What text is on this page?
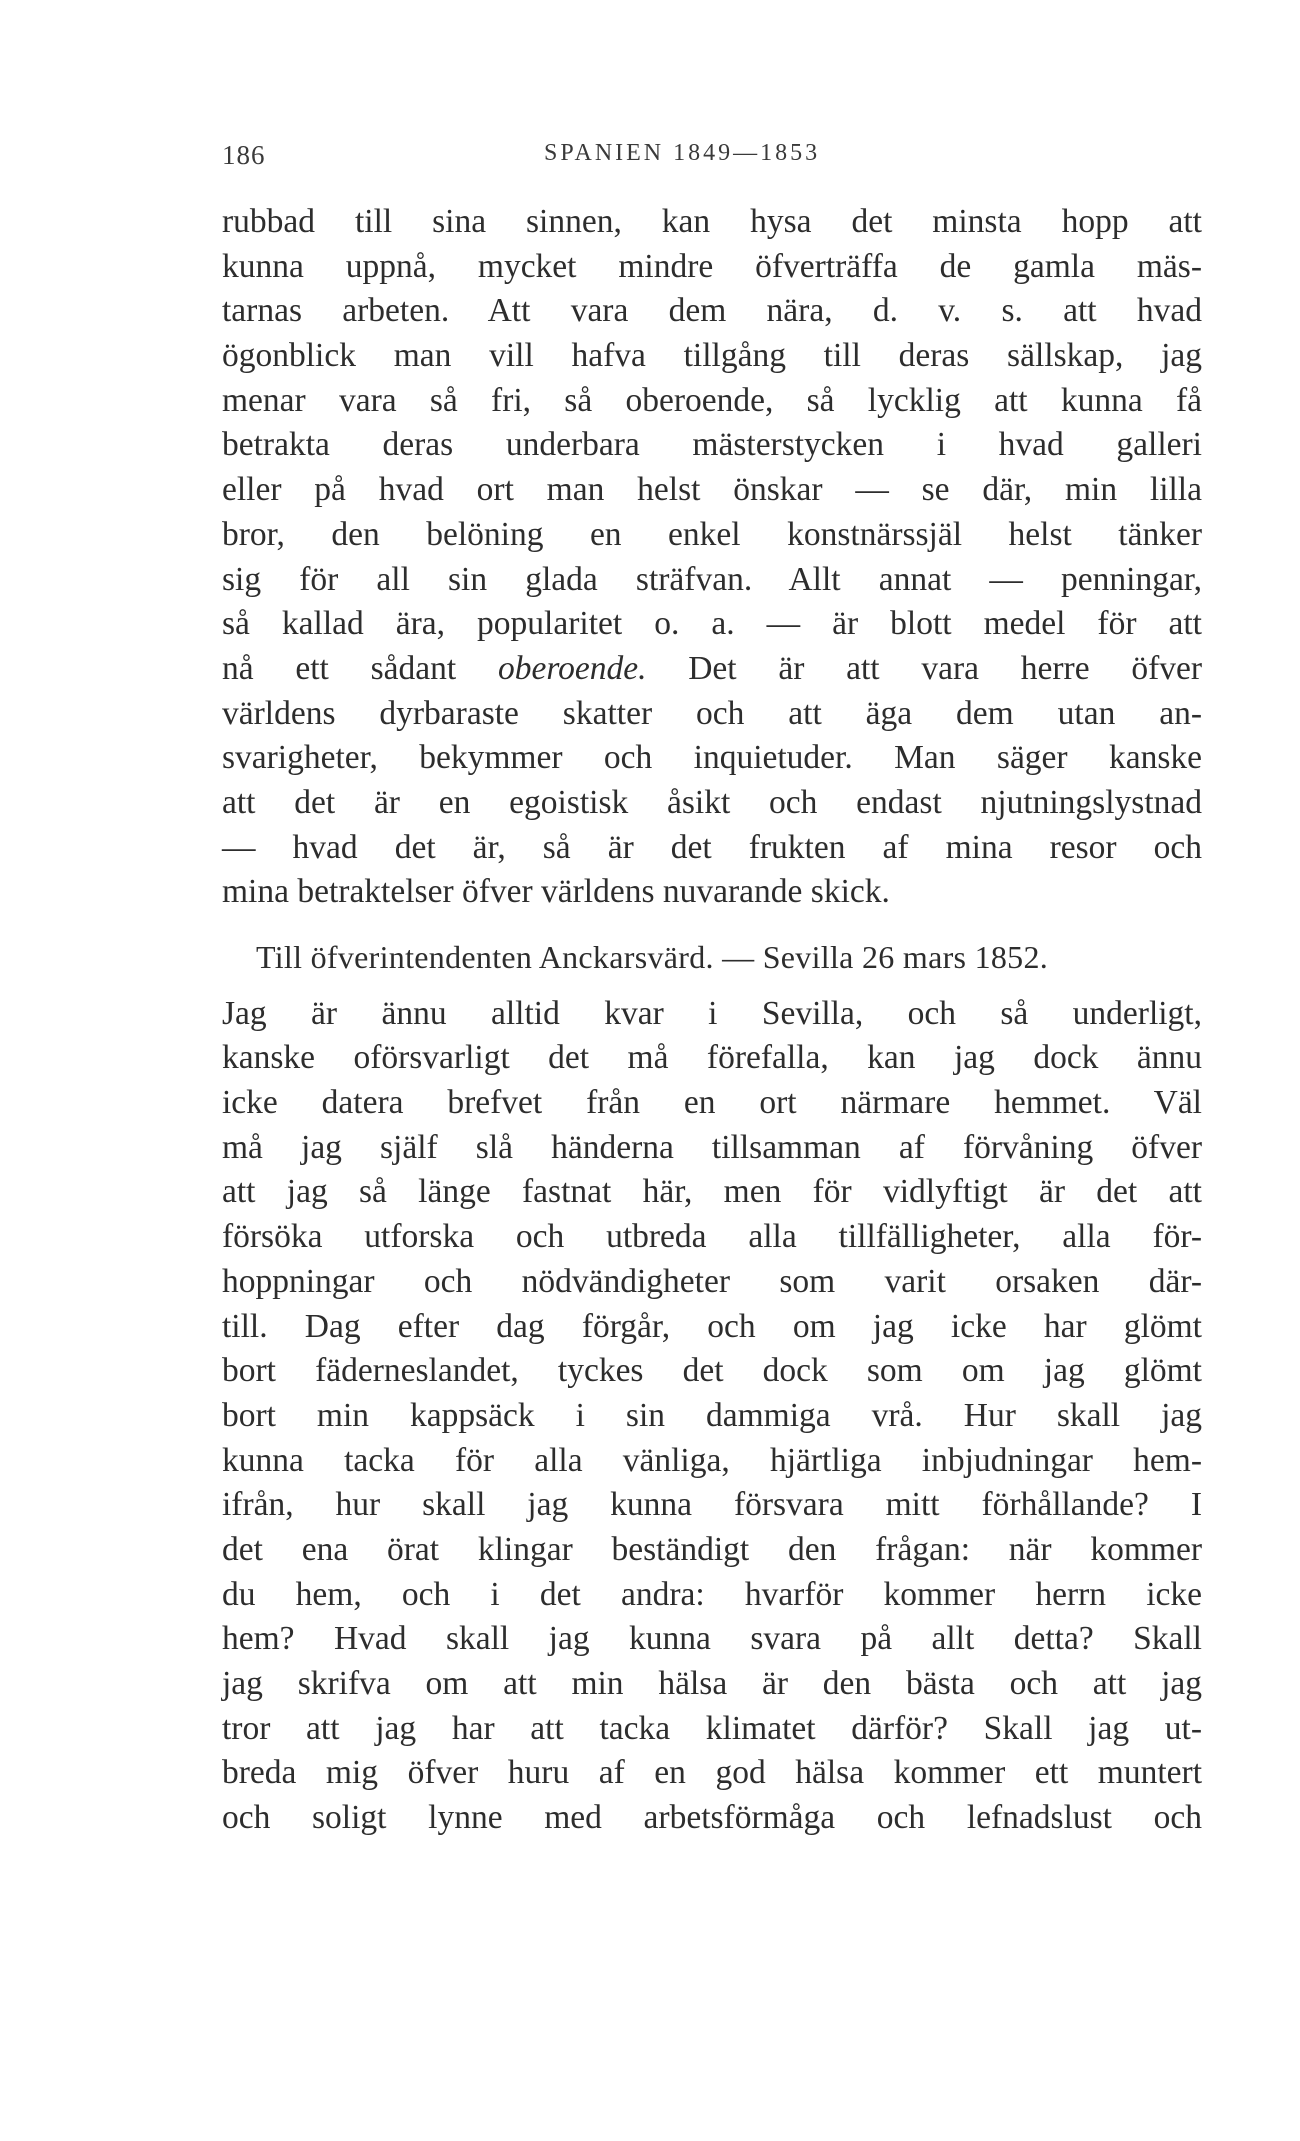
186	SPANIEN 1849—1853
rubbad till sina sinnen, kan hysa det minsta hopp att
kunna uppnå, mycket mindre öfverträffa de gamla mäs-
tarnas arbeten. Att vara dem nära, d. v. s. att hvad
ögonblick man vill hafva tillgång till deras sällskap, jag
menar vara så fri, så oberoende, så lycklig att kunna få
betrakta deras underbara mästerstycken i hvad galleri
eller på hvad ort man helst önskar — se där, min lilla
bror, den belöning en enkel konstnärssjäl helst tänker
sig för all sin glada sträfvan. Allt annat — penningar,
så kallad ära, popularitet o. a. — är blott medel för att
nå ett sådant oberoende. Det är att vara herre öfver
världens dyrbaraste skatter och att äga dem utan an-
svarigheter, bekymmer och inquietuder. Man säger kanske
att det är en egoistisk åsikt och endast njutningslystnad
— hvad det är, så är det frukten af mina resor och
mina betraktelser öfver världens nuvarande skick.
Till öfverintendenten Anckarsvärd. — Sevilla 26 mars 1852.
Jag är ännu alltid kvar i Sevilla, och så underligt,
kanske oförsvarligt det må förefalla, kan jag dock ännu
icke datera brefvet från en ort närmare hemmet. Väl
må jag själf slå händerna tillsamman af förvåning öfver
att jag så länge fastnat här, men för vidlyftigt är det att
försöka utforska och utbreda alla tillfälligheter, alla för-
hoppningar och nödvändigheter som varit orsaken där-
till. Dag efter dag förgår, och om jag icke har glömt
bort fäderneslandet, tyckes det dock som om jag glömt
bort min kappsäck i sin dammiga vrå. Hur skall jag
kunna tacka för alla vänliga, hjärtliga inbjudningar hem-
ifrån, hur skall jag kunna försvara mitt förhållande? I
det ena örat klingar beständigt den frågan: när kommer
du hem, och i det andra: hvarför kommer herrn icke
hem? Hvad skall jag kunna svara på allt detta? Skall
jag skrifva om att min hälsa är den bästa och att jag
tror att jag har att tacka klimatet därför? Skall jag ut-
breda mig öfver huru af en god hälsa kommer ett muntert
och soligt lynne med arbetsförmåga och lefnadslust och
